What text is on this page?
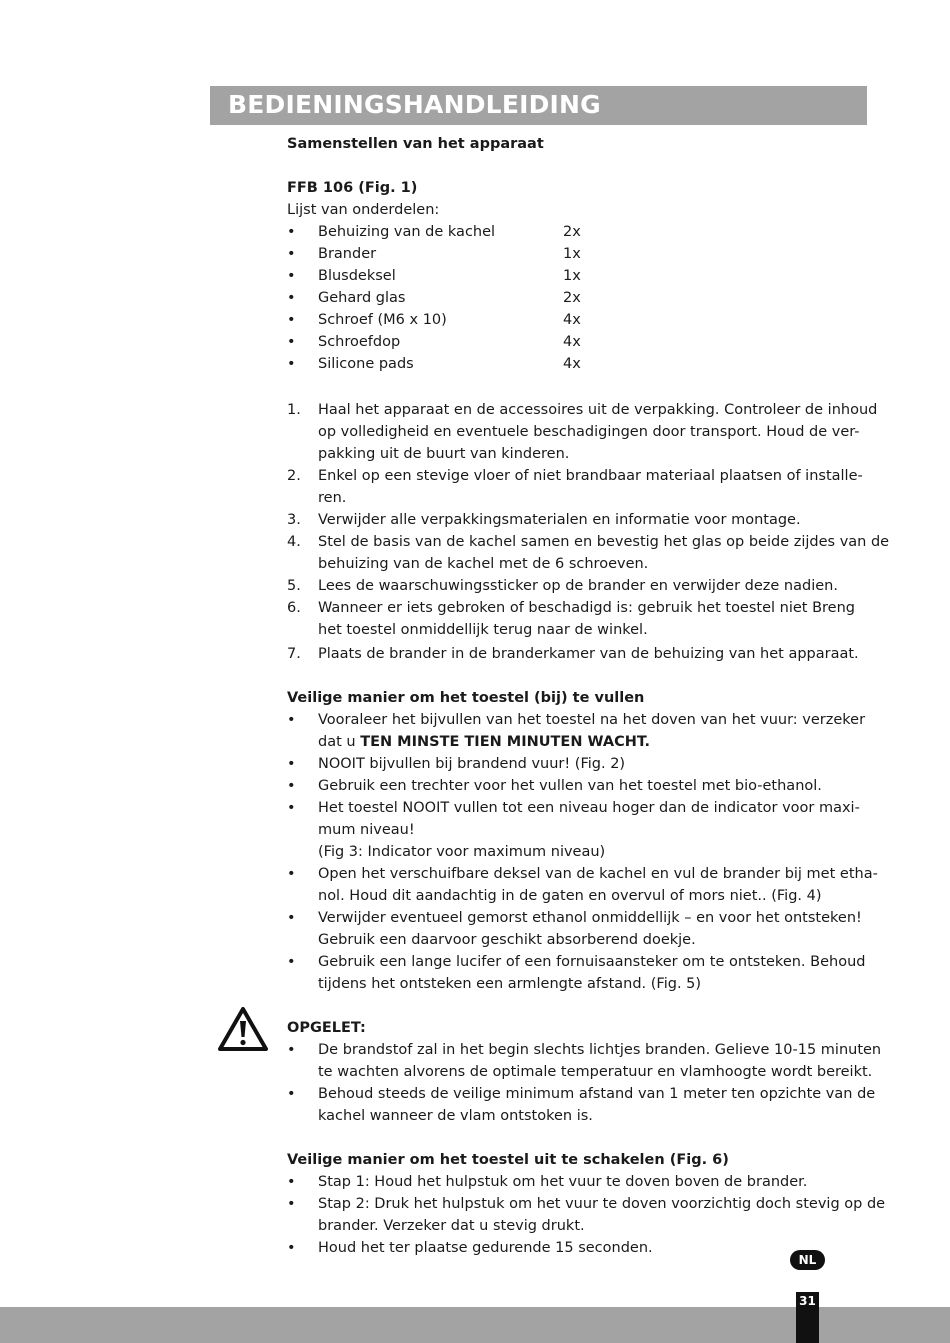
BEDIENINGSHANDLEIDING
Samenstellen van het apparaat
FFB 106 (Fig. 1)
Lijst van onderdelen:
• Behuizing van de kachel	2x
• Brander	1x
• Blusdeksel	1x
• Gehard glas	2x
• Schroef (M6 x 10)	4x
• Schroefdop	4x
• Silicone pads	4x
1. Haal het apparaat en de accessoires uit de verpakking. Controleer de inhoud
op volledigheid en eventuele beschadigingen door transport. Houd de ver-
pakking uit de buurt van kinderen.
2. Enkel op een stevige vloer of niet brandbaar materiaal plaatsen of installe-
ren.
3. Verwijder alle verpakkingsmaterialen en informatie voor montage.
4. Stel de basis van de kachel samen en bevestig het glas op beide zijdes van de
behuizing van de kachel met de 6 schroeven.
5. Lees de waarschuwingssticker op de brander en verwijder deze nadien.
6. Wanneer er iets gebroken of beschadigd is: gebruik het toestel niet Breng
het toestel onmiddellijk terug naar de winkel.
7. Plaats de brander in de branderkamer van de behuizing van het apparaat.
Veilige manier om het toestel (bij) te vullen
• Vooraleer het bijvullen van het toestel na het doven van het vuur: verzeker
dat u TEN MINSTE TIEN MINUTEN WACHT.
• NOOIT bijvullen bij brandend vuur! (Fig. 2)
• Gebruik een trechter voor het vullen van het toestel met bio-ethanol.
• Het toestel NOOIT vullen tot een niveau hoger dan de indicator voor maxi-
mum niveau!
(Fig 3: Indicator voor maximum niveau)
• Open het verschuifbare deksel van de kachel en vul de brander bij met etha-
nol. Houd dit aandachtig in de gaten en overvul of mors niet.. (Fig. 4)
• Verwijder eventueel gemorst ethanol onmiddellijk – en voor het ontsteken!
Gebruik een daarvoor geschikt absorberend doekje.
• Gebruik een lange lucifer of een fornuisaansteker om te ontsteken. Behoud
tijdens het ontsteken een armlengte afstand. (Fig. 5)
OPGELET:
• De brandstof zal in het begin slechts lichtjes branden. Gelieve 10-15 minuten
te wachten alvorens de optimale temperatuur en vlamhoogte wordt bereikt.
• Behoud steeds de veilige minimum afstand van 1 meter ten opzichte van de
kachel wanneer de vlam ontstoken is.
Veilige manier om het toestel uit te schakelen (Fig. 6)
• Stap 1: Houd het hulpstuk om het vuur te doven boven de brander.
• Stap 2: Druk het hulpstuk om het vuur te doven voorzichtig doch stevig op de
brander. Verzeker dat u stevig drukt.
• Houd het ter plaatse gedurende 15 seconden.
NL
31
